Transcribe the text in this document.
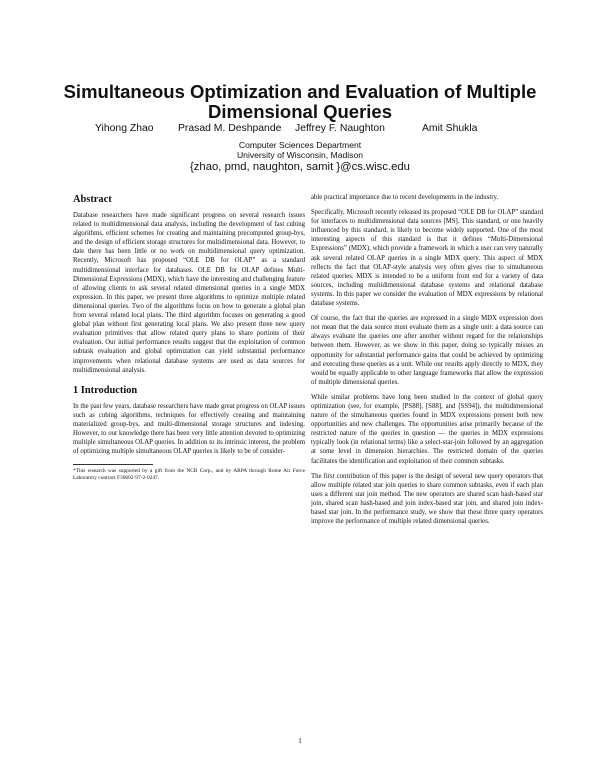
Simultaneous Optimization and Evaluation of Multiple Dimensional Queries
Yihong Zhao Prasad M. Deshpande Jeffrey F. Naughton	Amit Shukla
Computer Sciences Department
University of Wisconsin, Madison
{zhao, pmd, naughton, samit }@cs.wisc.edu
Abstract

Database researchers have made significant progress on several research issues related to multidimensional data analysis, including the development of fast cubing algorithms, efficient schemes for creating and maintaining precomputed group-bys, and the design of efficient storage structures for multidimensional data. However, to date there has been little or no work on multidimensional query optimization. Recently, Microsoft has proposed “OLE DB for OLAP” as a standard multidimensional interface for databases. OLE DB for OLAP defines Multi-Dimensional Expressions (MDX), which have the interesting and challenging feature of allowing clients to ask several related dimensional queries in a single MDX expression. In this paper, we present three algorithms to optimize multiple related dimensional queries. Two of the algorithms focus on how to generate a global plan from several related local plans. The third algorithm focuses on generating a good global plan without first generating local plans. We also present three new query evaluation primitives that allow related query plans to share portions of their evaluation. Our initial performance results suggest that the exploitation of common subtask evaluation and global optimization can yield substantial performance improvements when relational database systems are used as data sources for multidimensional analysis.

1 Introduction

In the past few years, database researchers have made great progress on OLAP issues such as cubing algorithms, techniques for effectively creating and maintaining materialized group-bys, and multi-dimensional storage structures and indexing. However, to our knowledge there has been very little attention devoted to optimizing multiple simultaneous OLAP queries. In addition to its intrinsic interest, the problem of optimizing multiple simultaneous OLAP queries is likely to be of consider-

*This research was supported by a gift from the NCR Corp., and by ARPA through Rome Air Force Laboratory contract F30602-97-2-0247.

able practical importance due to recent developments in the industry.

Specifically, Microsoft recently released its proposed “OLE DB for OLAP” standard for interfaces to multidimensional data sources [MS]. This standard, or one heavily influenced by this standard, is likely to become widely supported. One of the most interesting aspects of this standard is that it defines “Multi-Dimensional Expressions” (MDX), which provide a framework in which a user can very naturally ask several related OLAP queries in a single MDX query. This aspect of MDX reflects the fact that OLAP-style analysis very often gives rise to simultaneous related queries. MDX is intended to be a uniform front end for a variety of data sources, including multidimensional database systems and relational database systems. In this paper we consider the evaluation of MDX expressions by relational database systems.

Of course, the fact that the queries are expressed in a single MDX expression does not mean that the data source must evaluate them as a single unit: a data source can always evaluate the queries one after another without regard for the relationships between them. However, as we show in this paper, doing so typically misses an opportunity for substantial performance gains that could be achieved by optimizing and executing these queries as a unit. While our results apply directly to MDX, they would be equally applicable to other language frameworks that allow the expression of multiple dimensional queries.

While similar problems have long been studied in the context of global query optimization (see, for example, [PS88], [S88], and [SS94]), the multidimensional nature of the simultaneous queries found in MDX expressions present both new opportunities and new challenges. The opportunities arise primarily because of the restricted nature of the queries in question — the queries in MDX expressions typically look (in relational terms) like a select-star-join followed by an aggregation at some level in dimension hierarchies. The restricted domain of the queries facilitates the identification and exploitation of their common subtasks.

The first contribution of this paper is the design of several new query operators that allow multiple related star join queries to share common subtasks, even if each plan uses a different star join method. The new operators are shared scan hash-based star join, shared scan hash-based and join index-based star join, and shared join index-based star join. In the performance study, we show that these three query operators improve the performance of multiple related dimensional queries.

1
